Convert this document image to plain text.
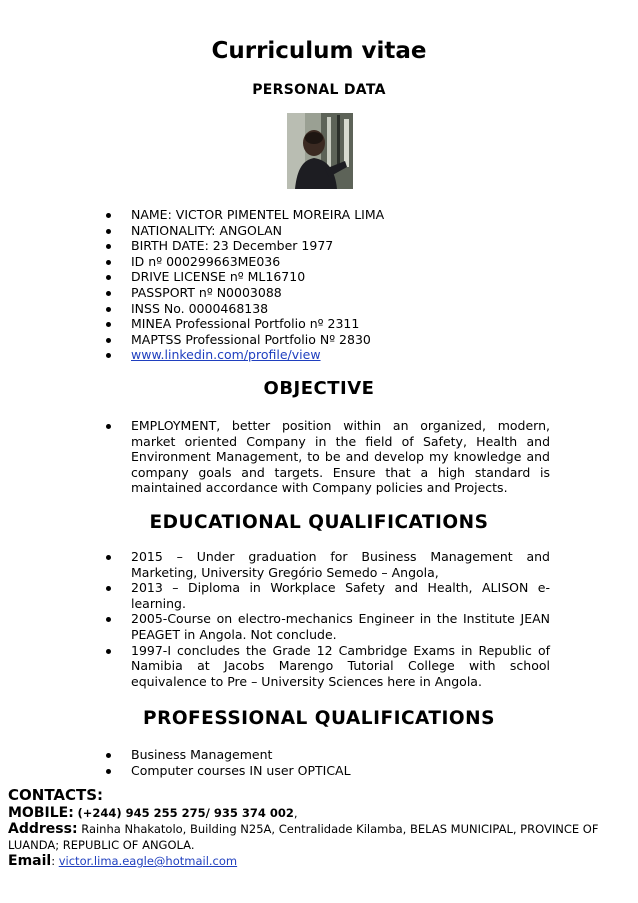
Curriculum vitae
PERSONAL DATA
NAME: VICTOR PIMENTEL MOREIRA LIMA
NATIONALITY: ANGOLAN
BIRTH DATE: 23 December 1977
ID nº 000299663ME036
DRIVE LICENSE nº ML16710
PASSPORT nº N0003088
INSS No. 0000468138
MINEA Professional Portfolio nº 2311
MAPTSS Professional Portfolio Nº 2830
www.linkedin.com/profile/view
OBJECTIVE
EMPLOYMENT, better position within an organized, modern, market oriented Company in the field of Safety, Health and Environment Management, to be and develop my knowledge and company goals and targets. Ensure that a high standard is maintained accordance with Company policies and Projects.
EDUCATIONAL QUALIFICATIONS
2015 – Under graduation for Business Management and Marketing, University Gregório Semedo – Angola,
2013 – Diploma in Workplace Safety and Health, ALISON e-learning.
2005-Course on electro-mechanics Engineer in the Institute JEAN PEAGET in Angola. Not conclude.
1997-I concludes the Grade 12 Cambridge Exams in Republic of Namibia at Jacobs Marengo Tutorial College with school equivalence to Pre – University Sciences here in Angola.
PROFESSIONAL QUALIFICATIONS
Business Management
Computer courses IN user OPTICAL
CONTACTS:
MOBILE: (+244) 945 255 275/ 935 374 002,
Address: Rainha Nhakatolo, Building N25A, Centralidade Kilamba, BELAS MUNICIPAL, PROVINCE OF LUANDA; REPUBLIC OF ANGOLA.
Email: victor.lima.eagle@hotmail.com
